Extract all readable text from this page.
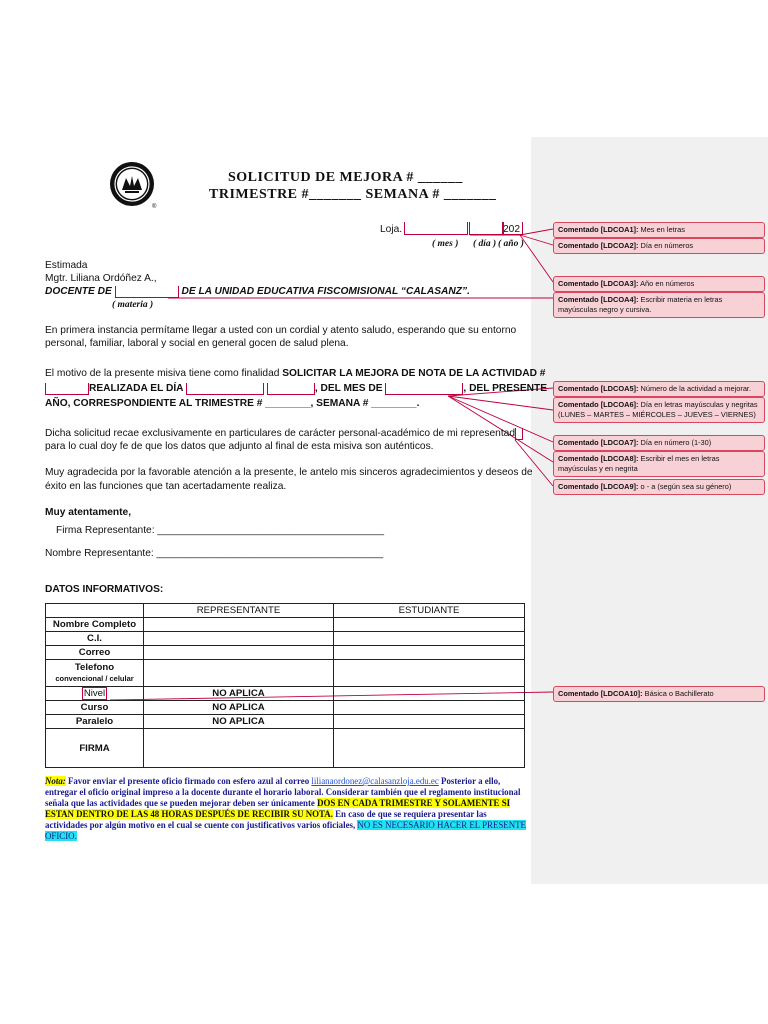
®
SOLICITUD DE MEJORA # ______
TRIMESTRE #_______ SEMANA # _______
Loja.	202
( mes ) ( día ) ( año )
Estimada
Mgtr. Liliana Ordóñez A.,
DOCENTE DE	DE LA UNIDAD EDUCATIVA FISCOMISIONAL “CALASANZ”.
( materia )
En primera instancia permítame llegar a usted con un cordial y atento saludo, esperando que su entorno
personal, familiar, laboral y social en general gocen de salud plena.
El motivo de la presente misiva tiene como finalidad SOLICITAR LA MEJORA DE NOTA DE LA ACTIVIDAD #
REALIZADA EL DÍA	, DEL MES DE	, DEL PRESENTE
AÑO, CORRESPONDIENTE AL TRIMESTRE # ________, SEMANA # ________.
Dicha solicitud recae exclusivamente en particulares de carácter personal-académico de mi representad
para lo cual doy fe de que los datos que adjunto al final de esta misiva son auténticos.
Muy agradecida por la favorable atención a la presente, le antelo mis sinceros agradecimientos y deseos de
éxito en las funciones que tan acertadamente realiza.
Muy atentamente,
Firma Representante: ________________________________________
Nombre Representante: ________________________________________
DATOS INFORMATIVOS:
	REPRESENTANTE	ESTUDIANTE
Nombre Completo		
C.I.		
Correo		

Telefono
convencional / celular		

Nivel	NO APLICA	
Curso	NO APLICA	
Paralelo	NO APLICA	
FIRMA		
Nota: Favor enviar el presente oficio firmado con esfero azul al correo lilianaordonez@calasanzloja.edu.ec Posterior a ello, entregar el oficio original impreso a la docente durante el horario laboral. Considerar también que el reglamento institucional señala que las actividades que se pueden mejorar deben ser únicamente DOS EN CADA TRIMESTRE Y SOLAMENTE SI ESTAN DENTRO DE LAS 48 HORAS DESPUÉS DE RECIBIR SU NOTA. En caso de que se requiera presentar las actividades por algún motivo en el cual se cuente con justificativos varios oficiales, NO ES NECESARIO HACER EL PRESENTE OFICIO.
Comentado [LDCOA1]: Mes en letras
Comentado [LDCOA2]: Día en números
Comentado [LDCOA3]: Año en números
Comentado [LDCOA4]: Escribir materia en letras mayúsculas negro y cursiva.
Comentado [LDCOA5]: Número de la actividad a mejorar.
Comentado [LDCOA6]: Día en letras mayúsculas y negritas (LUNES – MARTES – MIÉRCOLES – JUEVES – VIERNES)
Comentado [LDCOA7]: Día en número (1-30)
Comentado [LDCOA8]: Escribir el mes en letras mayúsculas y en negrita
Comentado [LDCOA9]: o - a (según sea su género)
Comentado [LDCOA10]: Básica o Bachillerato
